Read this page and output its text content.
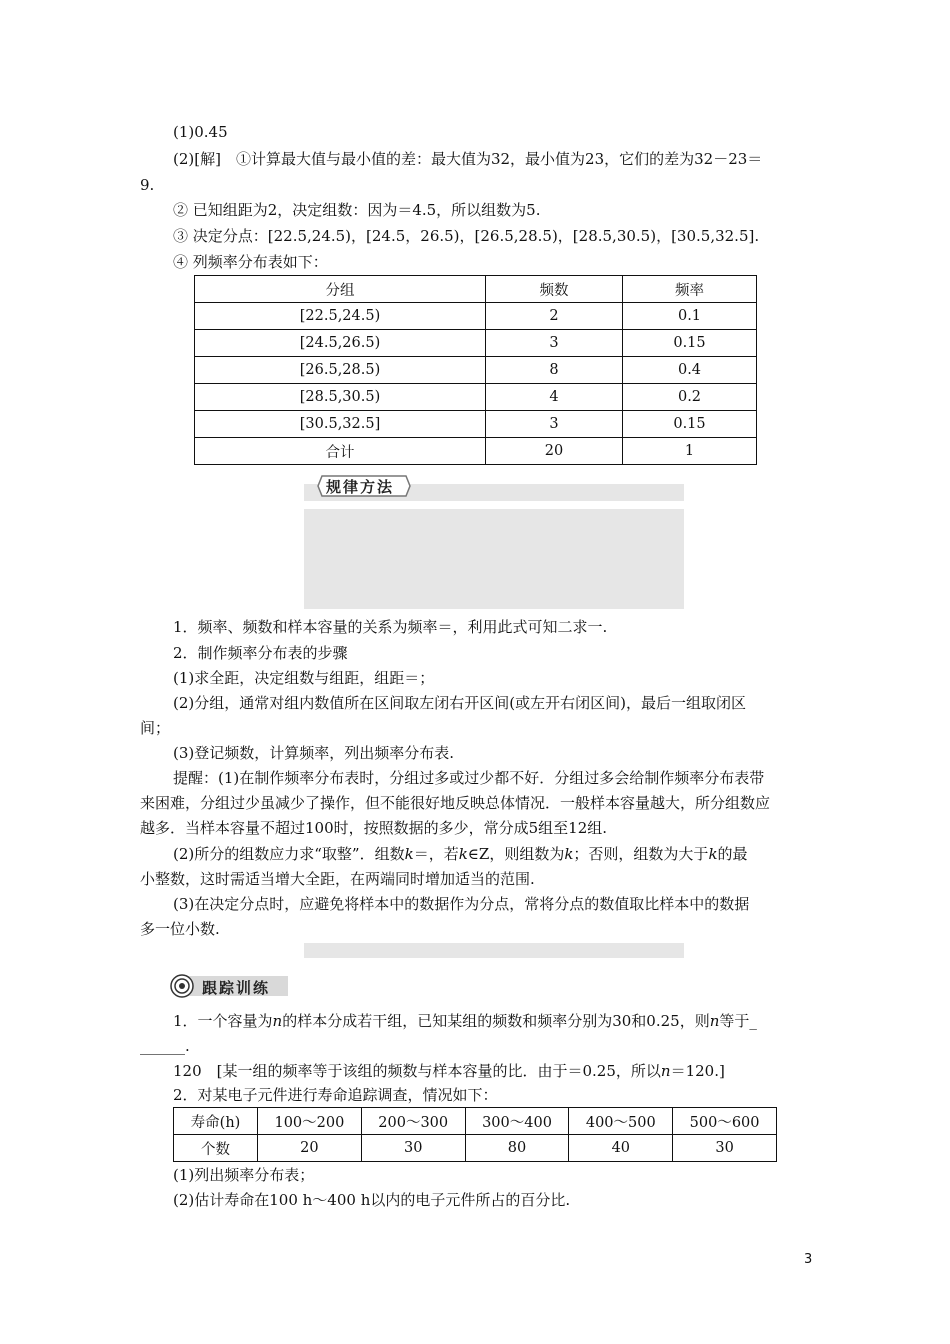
(1)0.45
(2)[解]　①计算最大值与最小值的差：最大值为32，最小值为23，它们的差为32－23＝
9.
② 已知组距为2，决定组数：因为＝4.5，所以组数为5.
③ 决定分点：[22.5,24.5)，[24.5，26.5)，[26.5,28.5)，[28.5,30.5)，[30.5,32.5].
④ 列频率分布表如下：
分组	频数	频率
[22.5,24.5)	2	0.1
[24.5,26.5)	3	0.15
[26.5,28.5)	8	0.4
[28.5,30.5)	4	0.2
[30.5,32.5]	3	0.15
合计	20	1
规律方法
1．频率、频数和样本容量的关系为频率＝，利用此式可知二求一.
2．制作频率分布表的步骤
(1)求全距，决定组数与组距，组距＝；
(2)分组，通常对组内数值所在区间取左闭右开区间(或左开右闭区间)，最后一组取闭区
间；
(3)登记频数，计算频率，列出频率分布表.
提醒：(1)在制作频率分布表时，分组过多或过少都不好．分组过多会给制作频率分布表带
来困难，分组过少虽减少了操作，但不能很好地反映总体情况．一般样本容量越大，所分组数应
越多．当样本容量不超过100时，按照数据的多少，常分成5组至12组.
(2)所分的组数应力求“取整”．组数k＝，若k∈Z，则组数为k；否则，组数为大于k的最
小整数，这时需适当增大全距，在两端同时增加适当的范围.
(3)在决定分点时，应避免将样本中的数据作为分点，常将分点的数值取比样本中的数据
多一位小数.
跟踪训练
1．一个容量为n的样本分成若干组，已知某组的频数和频率分别为30和0.25，则n等于_
______.
120　[某一组的频率等于该组的频数与样本容量的比．由于＝0.25，所以n＝120.]
2．对某电子元件进行寿命追踪调查，情况如下：
寿命(h)	100～200	200～300	300～400	400～500	500～600
个数	20	30	80	40	30
(1)列出频率分布表；
(2)估计寿命在100 h～400 h以内的电子元件所占的百分比.
3
